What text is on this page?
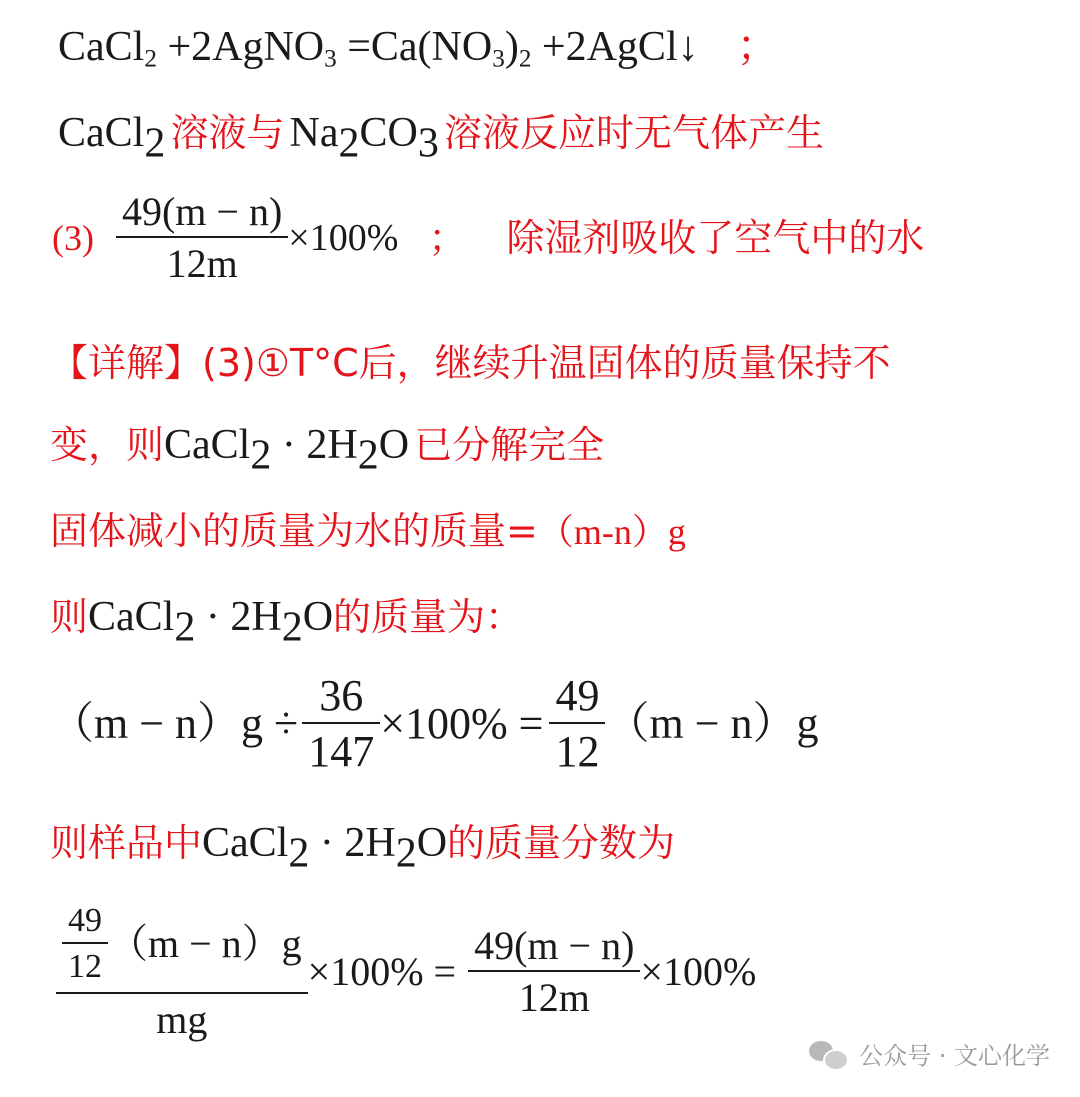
CaCl$_2$ +2AgNO$_3$ $=Ca(NO_3)_2$ +2AgCl↓ ；
CaCl$_2$ 溶液与 $Na_2CO_3$ 溶液反应时无气体产生
$(3) \frac{49(m - n)}{12m} \times 100\%$ ； 除湿剂吸收了空气中的水
【详解】(3)①T°C后，继续升温固体的质量保持不
变，则CaCl$_2$ · $2H_2O$ 已分解完全
固体减小的质量为水的质量=（m-n）g
则CaCl$_2$ · $2H_2O$的质量为：
$(m - n)g \div \frac{36}{147} \times 100\% = \frac{49}{12} (m - n)g$
则样品中CaCl$_2$ · $2H_2O$的质量分数为
$\frac{\frac{49}{12} (m - n)g}{mg} \times 100\% = \frac{49(m - n)}{12m} \times 100\%$
公众号 · 文心化学
